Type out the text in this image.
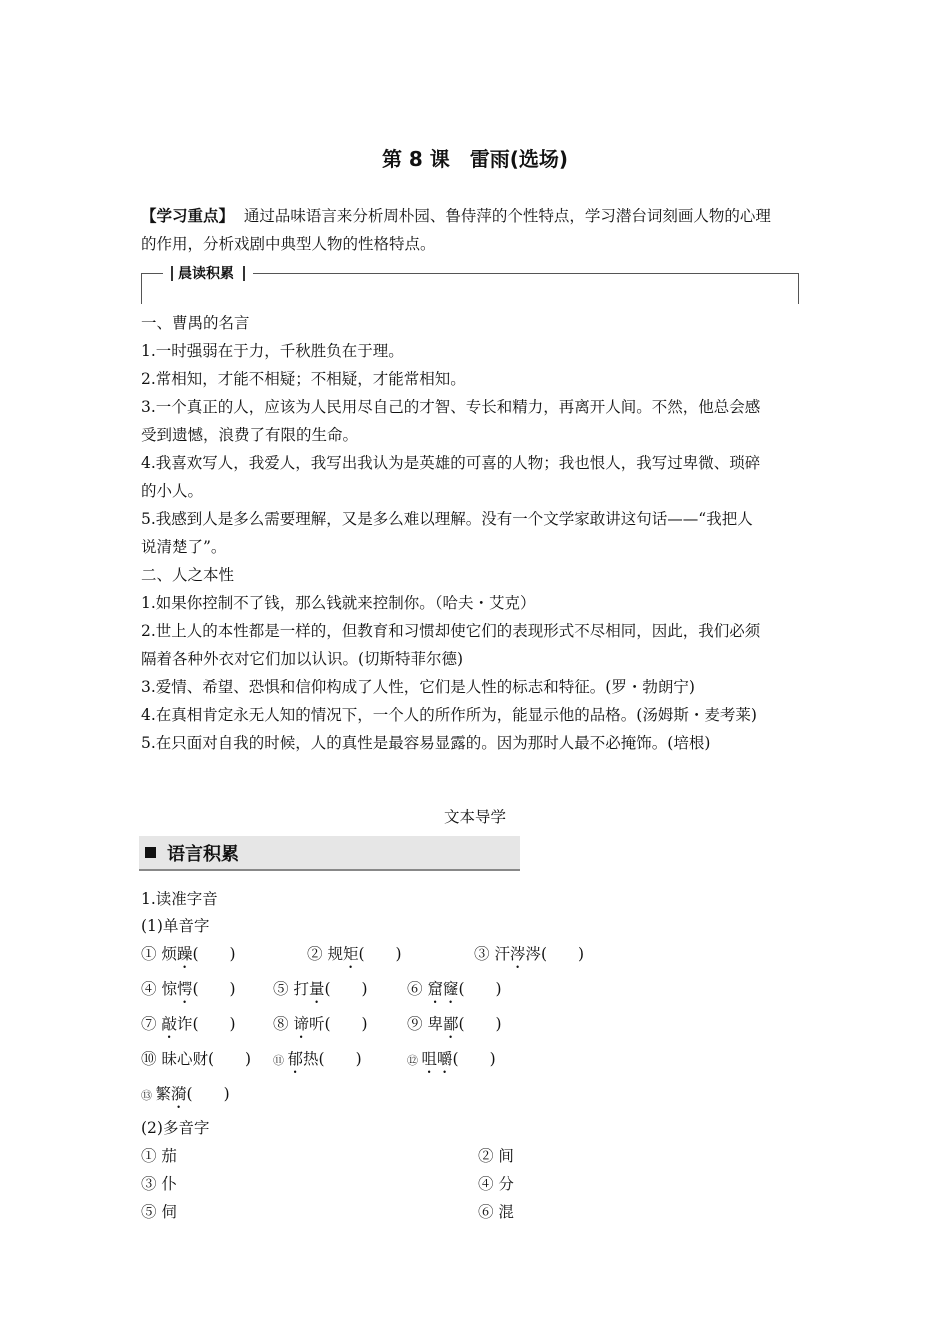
第 8 课　雷雨(选场)
【学习重点】 通过品味语言来分析周朴园、鲁侍萍的个性特点，学习潜台词刻画人物的心理
的作用，分析戏剧中典型人物的性格特点。
晨读积累
一、曹禺的名言
1.一时强弱在于力，千秋胜负在于理。
2.常相知，才能不相疑；不相疑，才能常相知。
3.一个真正的人，应该为人民用尽自己的才智、专长和精力，再离开人间。不然，他总会感
受到遗憾，浪费了有限的生命。
4.我喜欢写人，我爱人，我写出我认为是英雄的可喜的人物；我也恨人，我写过卑微、琐碎
的小人。
5.我感到人是多么需要理解，又是多么难以理解。没有一个文学家敢讲这句话——“我把人
说清楚了”。
二、人之本性
1.如果你控制不了钱，那么钱就来控制你。（哈夫・艾克）
2.世上人的本性都是一样的，但教育和习惯却使它们的表现形式不尽相同，因此，我们必须
隔着各种外衣对它们加以认识。(切斯特菲尔德)
3.爱情、希望、恐惧和信仰构成了人性，它们是人性的标志和特征。(罗・勃朗宁)
4.在真相肯定永无人知的情况下，一个人的所作所为，能显示他的品格。(汤姆斯・麦考莱)
5.在只面对自我的时候，人的真性是最容易显露的。因为那时人最不必掩饰。(培根)
文本导学
语言积累
1.读准字音
(1)单音字
① 烦躁(　　)	② 规矩(　　)	③ 汗涔涔(　　)
④ 惊愕(　　) ⑤ 打量(　　)	⑥ 窟窿(　　)
⑦ 敲诈(　　) ⑧ 谛听(　　)	⑨ 卑鄙(　　)
⑩ 昧心财(　　) ⑪ 郁热(　　)	⑫ 咀嚼(　　)
⑬ 繁漪(　　)
(2)多音字
① 茄	② 间
③ 仆	④ 分
⑤ 伺	⑥ 混
